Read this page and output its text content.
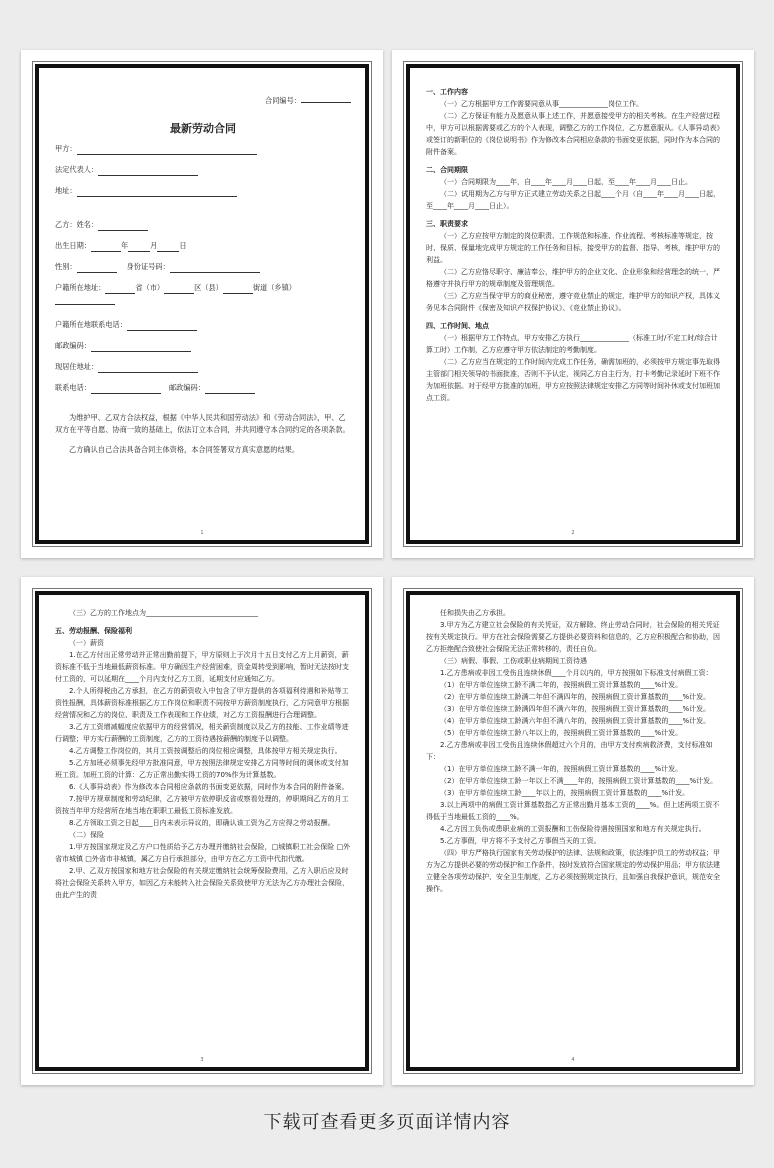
合同编号：
最新劳动合同
甲方：
法定代表人：
地址：
乙方：姓名：
出生日期：	年	月	日
性别：	身份证号码：
户籍所在地址：	省（市）	区（县）	街道（乡镇）
户籍所在地联系电话：
邮政编码：
现居住地址：
联系电话：	邮政编码：

为维护甲、乙双方合法权益，根据《中华人民共和国劳动法》和《劳动合同法》，甲、乙双方在平等自愿、协商一致的基础上，依法订立本合同，并共同遵守本合同约定的各项条款。

乙方确认自己合法具备合同主体资格，本合同签署双方真实意愿的结果。

1

一、工作内容

（一）乙方根据甲方工作需要同意从事______________岗位工作。

（二）乙方保证有能力及愿意从事上述工作，并愿意接受甲方的相关考核。在生产经营过程中，甲方可以根据需要或乙方的个人表现，调整乙方的工作岗位，乙方愿意服从。《人事异动表》或签订的新职位的《岗位说明书》作为修改本合同相应条款的书面变更依据，同时作为本合同的附件备案。

二、合同期限

（一）合同期限为____年，自____年____月____日起，至____年____月____日止。

（二）试用期为乙方与甲方正式建立劳动关系之日起____个月（自____年____月____日起，至____年____月____日止）。

三、职责要求

（一）乙方应按甲方制定的岗位职责、工作规范和标准、作业流程、考核标准等规定，按时、保质、保量地完成甲方规定的工作任务和目标，接受甲方的监督、指导、考核，维护甲方的利益。

（二）乙方应恪尽职守、廉洁奉公，维护甲方的企业文化、企业形象和经营理念的统一，严格遵守并执行甲方的规章制度及管理规范。

（三）乙方应当保守甲方的商业秘密，遵守竞业禁止的规定，维护甲方的知识产权，具体义务见本合同附件《保密及知识产权保护协议》、《竞业禁止协议》。

四、工作时间、地点

（一）根据甲方工作特点，甲方安排乙方执行______________（标准工时/不定工时/综合计算工时）工作制，乙方应遵守甲方依法制定的考勤制度。

（二）乙方应当在规定的工作时间内完成工作任务，确需加班的，必须按甲方规定事先取得主管部门相关领导的书面批准，否则不予认定，视同乙方自主行为，打卡考勤记录延时下班不作为加班依据。对于经甲方批准的加班，甲方应按照法律规定安排乙方同等时间补休或支付加班加点工资。

2

（三）乙方的工作地点为________________________________

五、劳动报酬、保险福利

（一）薪资

1.在乙方付出正常劳动并正常出勤前提下，甲方原则上于次月十五日支付乙方上月薪资，薪资标准不低于当地最低薪资标准。甲方确因生产经营困难，资金周转受到影响，暂时无法按时支付工资的，可以延期在____个月内支付乙方工资，延期支付应通知乙方。

2.个人所得税由乙方承担，在乙方的薪资收入中包含了甲方提供的各项福利待遇和补贴等工资性报酬，具体薪资标准根据乙方工作岗位和职责不同按甲方薪资制度执行，乙方同意甲方根据经营情况和乙方的岗位、职责及工作表现和工作业绩，对乙方工资报酬进行合理调整。

3.乙方工资增减幅度应依据甲方的经营情况，相关薪资制度以及乙方的技能、工作业绩等进行调整；甲方实行薪酬的工资制度，乙方的工资待遇按薪酬的制度予以调整。

4.乙方调整工作岗位的，其月工资按调整后的岗位相应调整，具体按甲方相关规定执行。

5.乙方加班必须事先经甲方批准同意，甲方按照法律规定安排乙方同等时间的调休或支付加班工资。加班工资的计算：乙方正常出勤实得工资的70%作为计算基数。

6.《人事异动表》作为修改本合同相应条款的书面变更依据，同时作为本合同的附件备案。

7.按甲方规章制度和劳动纪律，乙方被甲方依停职反省或察看处理的，停职期间乙方的月工资按当年甲方经营所在地当地在职职工最低工资标准发放。

8.乙方领取工资之日起____日内未表示异议的，即确认该工资为乙方应得之劳动报酬。

（二）保险

1.甲方按国家规定及乙方户口性质给予乙方办理并缴纳社会保险，□城镇职工社会保险 □外省市城镇 □外省市非城镇，属乙方自行承担部分，由甲方在乙方工资中代扣代缴。

2.甲、乙双方按国家和地方社会保险的有关规定缴纳社会统筹保险费用，乙方入职后应及时将社会保险关系转入甲方，如因乙方未能转入社会保险关系致使甲方无法为乙方办理社会保险，由此产生的责

3

任和损失由乙方承担。

3.甲方为乙方建立社会保险的有关凭证，双方解除、终止劳动合同时，社会保险的相关凭证按有关规定执行。甲方在社会保险需要乙方提供必要资料和信息的，乙方应积极配合和协助，因乙方拒绝配合致使社会保险无法正常转移的，责任自负。

（三）病假、事假、工伤或职业病期间工资待遇

1.乙方患病或非因工受伤且连续休假____个月以内的，甲方按照如下标准支付病假工资：

（1）在甲方单位连续工龄不满二年的，按照病假工资计算基数的____%计发。

（2）在甲方单位连续工龄满二年但不满四年的，按照病假工资计算基数的____%计发。

（3）在甲方单位连续工龄满四年但不满六年的，按照病假工资计算基数的____%计发。

（4）在甲方单位连续工龄满六年但不满八年的，按照病假工资计算基数的____%计发。

（5）在甲方单位连续工龄八年以上的，按照病假工资计算基数的____%计发。

2.乙方患病或非因工受伤且连续休假超过六个月的，由甲方支付疾病救济费，支付标准如下：

（1）在甲方单位连续工龄不满一年的，按照病假工资计算基数的____%计发。

（2）在甲方单位连续工龄一年以上不满____年的，按照病假工资计算基数的____%计发。

（3）在甲方单位连续工龄____年以上的，按照病假工资计算基数的____%计发。

3.以上两项中的病假工资计算基数指乙方正常出勤月基本工资的____%。但上述两项工资不得低于当地最低工资的____%。

4.乙方因工负伤或患职业病的工资报酬和工伤保险待遇按照国家和地方有关规定执行。

5.乙方事假，甲方将不予支付乙方事假当天的工资。

（四）甲方严格执行国家有关劳动保护的法律、法规和政策，依法维护员工的劳动权益；甲方为乙方提供必要的劳动保护和工作条件，按时发放符合国家规定的劳动保护用品；甲方依法建立健全各项劳动保护、安全卫生制度，乙方必须按照规定执行，且如强自我保护意识，规范安全操作。

4
下载可查看更多页面详情内容
